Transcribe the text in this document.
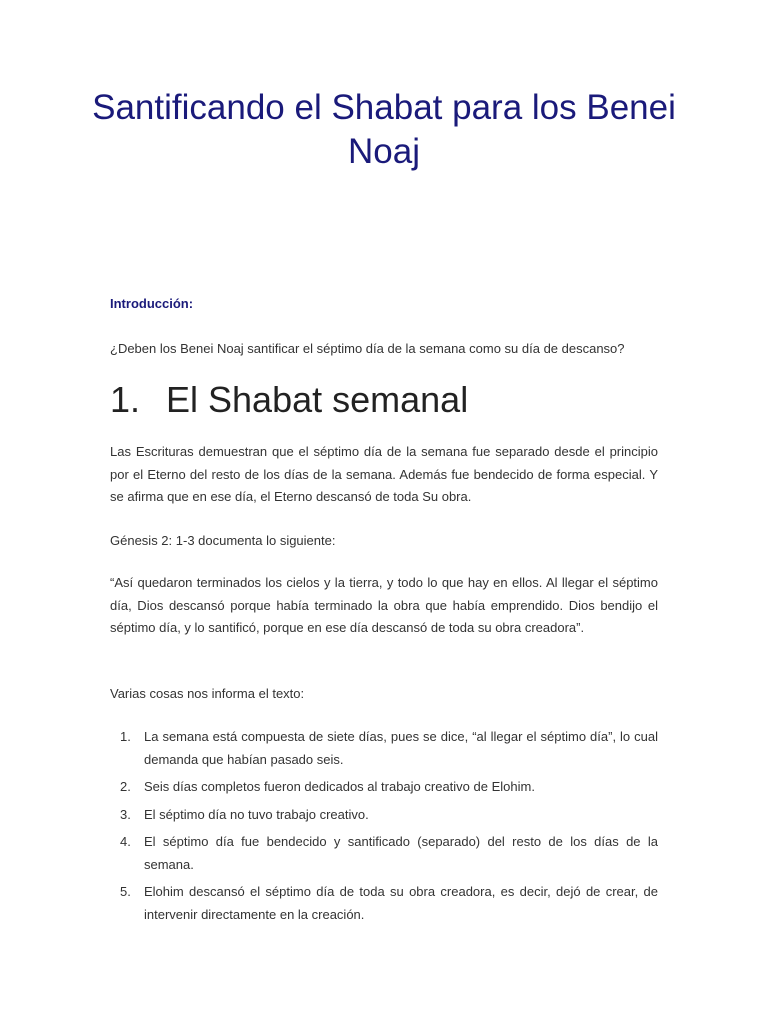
Santificando el Shabat para los Benei Noaj

Introducción:

¿Deben los Benei Noaj santificar el séptimo día de la semana como su día de descanso?

1. El Shabat semanal

Las Escrituras demuestran que el séptimo día de la semana fue separado desde el principio por el Eterno del resto de los días de la semana. Además fue bendecido de forma especial. Y se afirma que en ese día, el Eterno descansó de toda Su obra.

Génesis 2: 1-3 documenta lo siguiente:

“Así quedaron terminados los cielos y la tierra, y todo lo que hay en ellos. Al llegar el séptimo día, Dios descansó porque había terminado la obra que había emprendido. Dios bendijo el séptimo día, y lo santificó, porque en ese día descansó de toda su obra creadora”.

Varias cosas nos informa el texto:

1. La semana está compuesta de siete días, pues se dice, “al llegar el séptimo día”, lo cual demanda que habían pasado seis.
2. Seis días completos fueron dedicados al trabajo creativo de Elohim.
3. El séptimo día no tuvo trabajo creativo.
4. El séptimo día fue bendecido y santificado (separado) del resto de los días de la semana.
5. Elohim descansó el séptimo día de toda su obra creadora, es decir, dejó de crear, de intervenir directamente en la creación.
